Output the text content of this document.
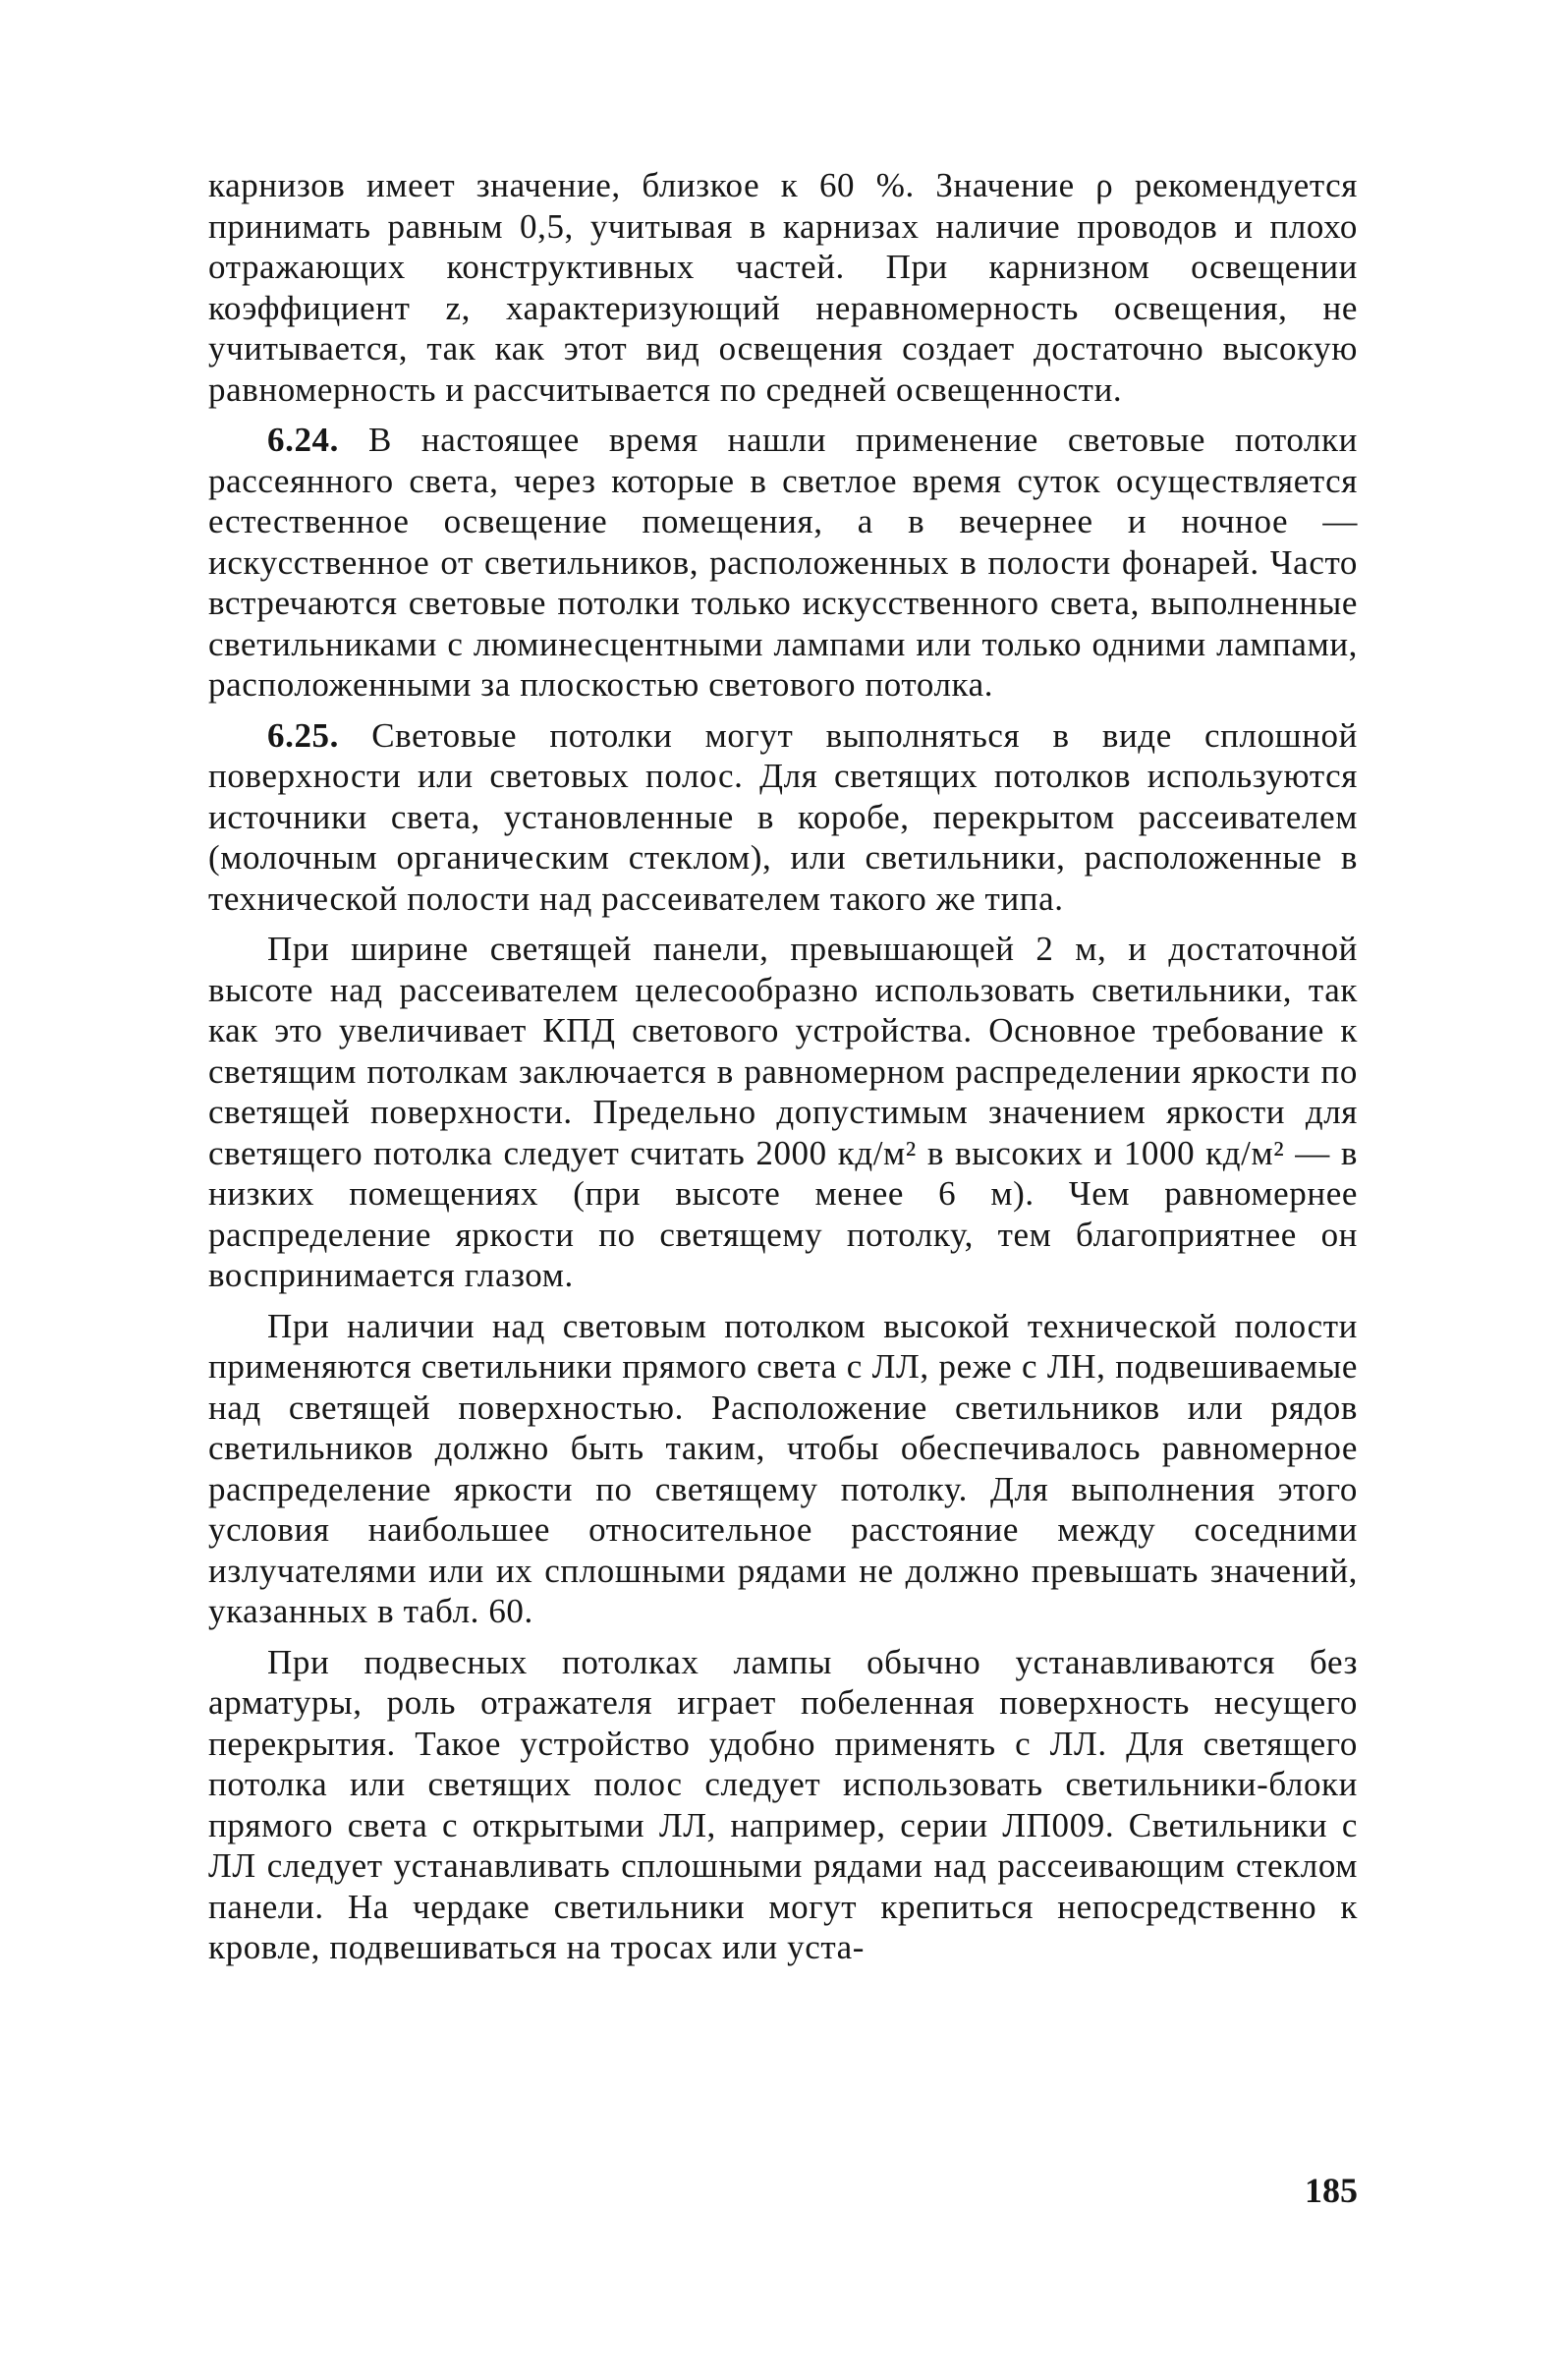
карнизов имеет значение, близкое к 60 %. Значение ρ рекомендуется принимать равным 0,5, учитывая в карнизах наличие проводов и плохо отражающих конструктивных частей. При карнизном освещении коэффициент z, характеризующий неравномерность освещения, не учитывается, так как этот вид освещения создает достаточно высокую равномерность и рассчитывается по средней освещенности.

6.24. В настоящее время нашли применение световые потолки рассеянного света, через которые в светлое время суток осуществляется естественное освещение помещения, а в вечернее и ночное — искусственное от светильников, расположенных в полости фонарей. Часто встречаются световые потолки только искусственного света, выполненные светильниками с люминесцентными лампами или только одними лампами, расположенными за плоскостью светового потолка.

6.25. Световые потолки могут выполняться в виде сплошной поверхности или световых полос. Для светящих потолков используются источники света, установленные в коробе, перекрытом рассеивателем (молочным органическим стеклом), или светильники, расположенные в технической полости над рассеивателем такого же типа.

При ширине светящей панели, превышающей 2 м, и достаточной высоте над рассеивателем целесообразно использовать светильники, так как это увеличивает КПД светового устройства. Основное требование к светящим потолкам заключается в равномерном распределении яркости по светящей поверхности. Предельно допустимым значением яркости для светящего потолка следует считать 2000 кд/м² в высоких и 1000 кд/м² — в низких помещениях (при высоте менее 6 м). Чем равномернее распределение яркости по светящему потолку, тем благоприятнее он воспринимается глазом.

При наличии над световым потолком высокой технической полости применяются светильники прямого света с ЛЛ, реже с ЛН, подвешиваемые над светящей поверхностью. Расположение светильников или рядов светильников должно быть таким, чтобы обеспечивалось равномерное распределение яркости по светящему потолку. Для выполнения этого условия наибольшее относительное расстояние между соседними излучателями или их сплошными рядами не должно превышать значений, указанных в табл. 60.

При подвесных потолках лампы обычно устанавливаются без арматуры, роль отражателя играет побеленная поверхность несущего перекрытия. Такое устройство удобно применять с ЛЛ. Для светящего потолка или светящих полос следует использовать светильники-блоки прямого света с открытыми ЛЛ, например, серии ЛП009. Светильники с ЛЛ следует устанавливать сплошными рядами над рассеивающим стеклом панели. На чердаке светильники могут крепиться непосредственно к кровле, подвешиваться на тросах или уста-

185
